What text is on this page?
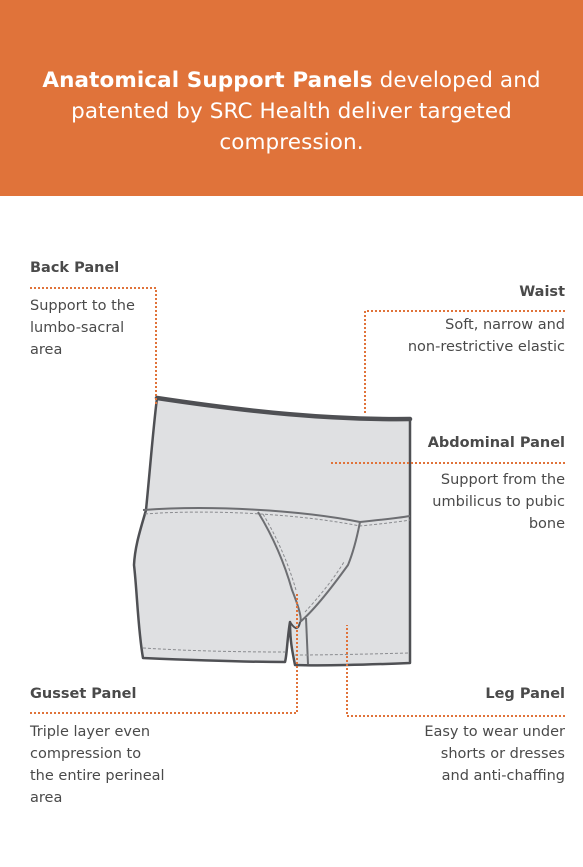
Anatomical Support Panels developed and patented by SRC Health deliver targeted compression.

Back Panel

Support to the
lumbo-sacral
area

Waist

Soft, narrow and
non-restrictive elastic

Abdominal Panel

Support from the
umbilicus to pubic
bone

Gusset Panel

Triple layer even
compression to
the entire perineal
area

Leg Panel

Easy to wear under
shorts or dresses
and anti-chaffing
